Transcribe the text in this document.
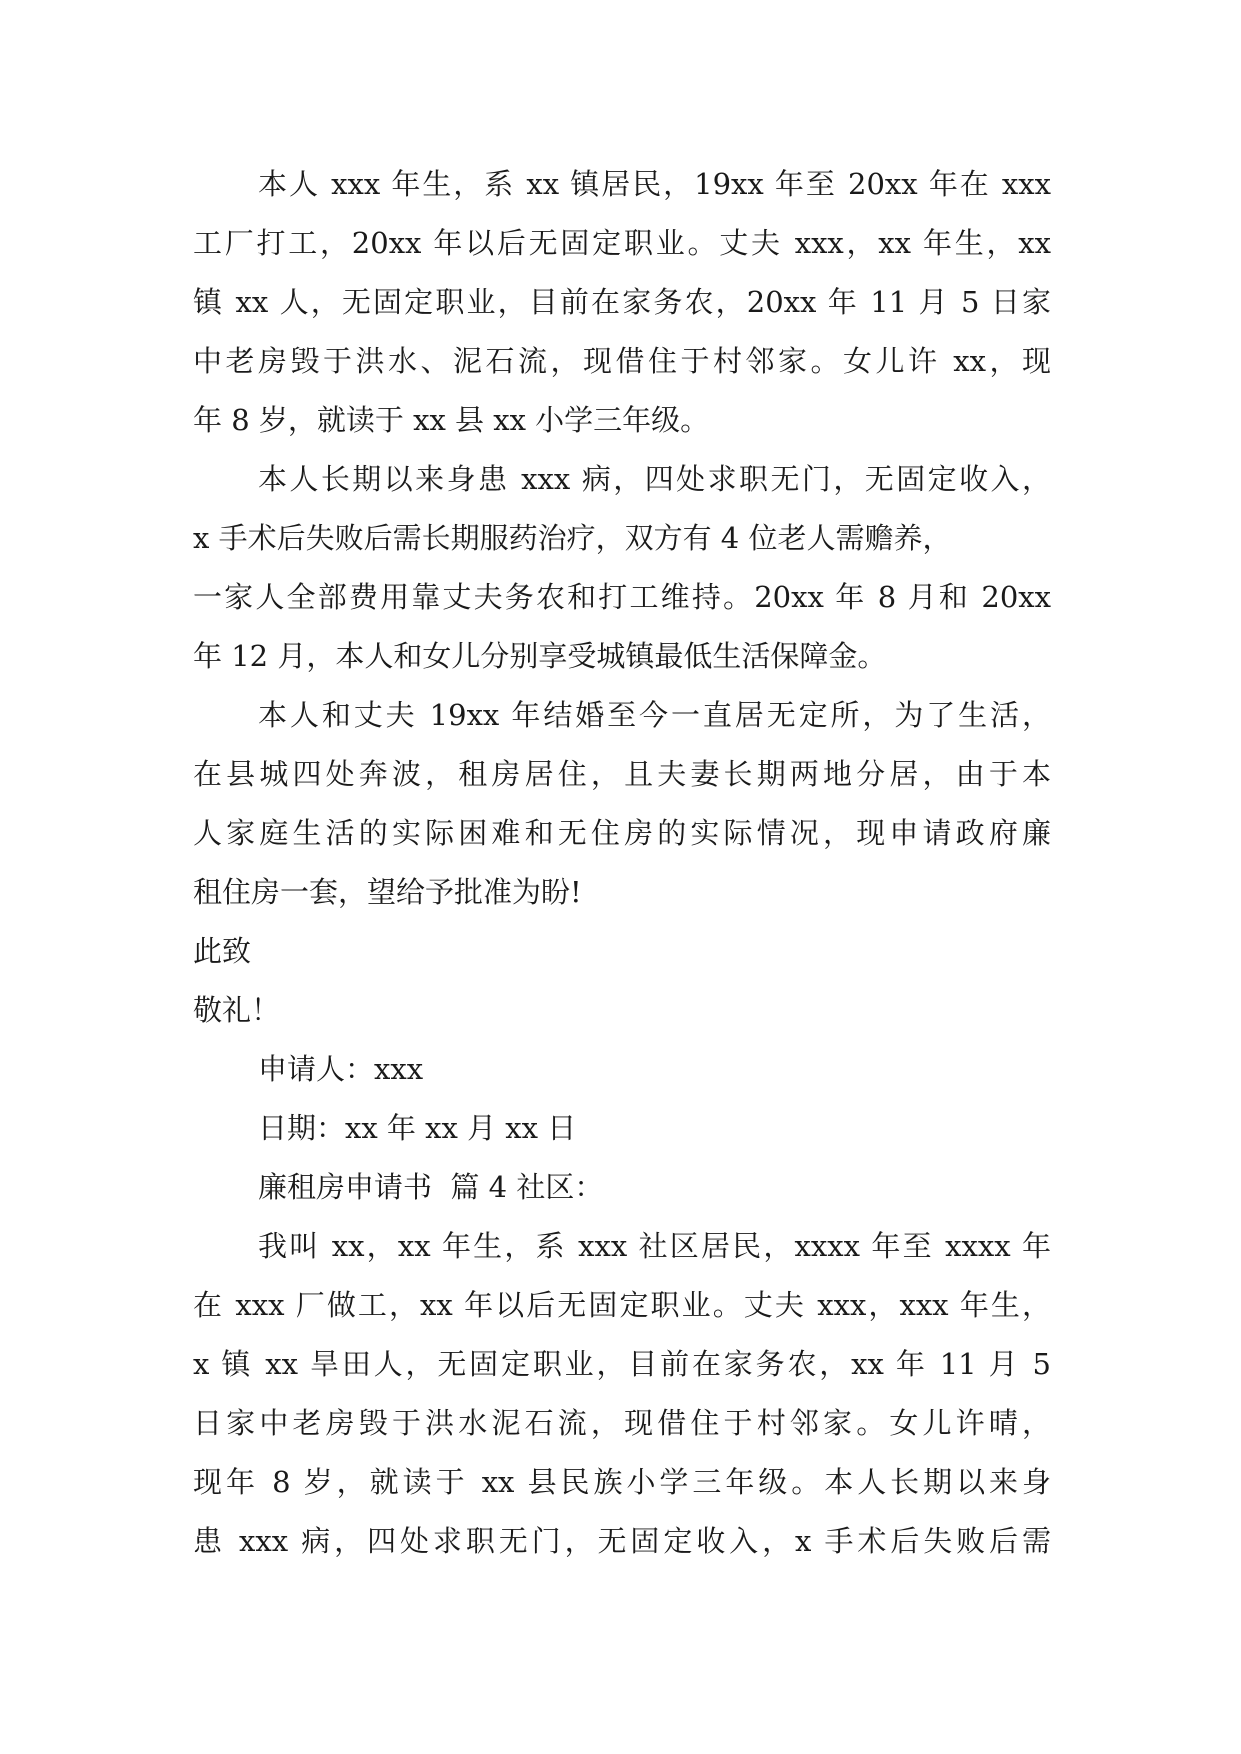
本人 xxx 年生，系 xx 镇居民，19xx 年至 20xx 年在 xxx
工厂打工，20xx 年以后无固定职业。丈夫 xxx，xx 年生，xx
镇 xx 人，无固定职业，目前在家务农，20xx 年 11 月 5 日家
中老房毁于洪水、泥石流，现借住于村邻家。女儿许 xx，现
年 8 岁，就读于 xx 县 xx 小学三年级。
本人长期以来身患 xxx 病，四处求职无门，无固定收入，
x 手术后失败后需长期服药治疗，双方有 4 位老人需赡养，
一家人全部费用靠丈夫务农和打工维持。20xx 年 8 月和 20xx
年 12 月，本人和女儿分别享受城镇最低生活保障金。
本人和丈夫 19xx 年结婚至今一直居无定所，为了生活，
在县城四处奔波，租房居住，且夫妻长期两地分居，由于本
人家庭生活的实际困难和无住房的实际情况，现申请政府廉
租住房一套，望给予批准为盼!
此致
敬礼！
申请人：xxx
日期：xx 年 xx 月 xx 日
廉租房申请书  篇 4 社区：
我叫 xx，xx 年生，系 xxx 社区居民，xxxx 年至 xxxx 年
在 xxx 厂做工，xx 年以后无固定职业。丈夫 xxx，xxx 年生，
x 镇 xx 旱田人，无固定职业，目前在家务农，xx 年 11 月 5
日家中老房毁于洪水泥石流，现借住于村邻家。女儿许晴，
现年 8 岁，就读于 xx 县民族小学三年级。本人长期以来身
患 xxx 病，四处求职无门，无固定收入，x 手术后失败后需
